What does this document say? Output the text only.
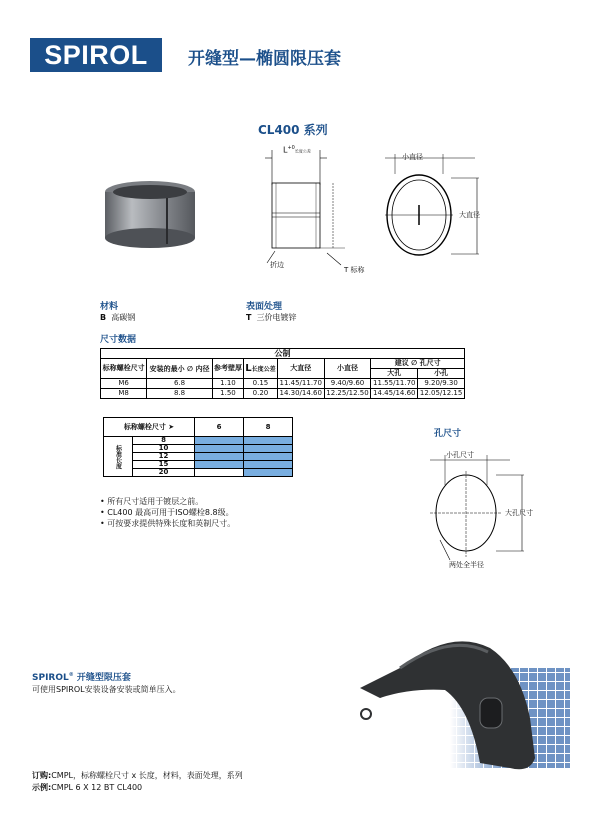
SPIROL	开缝型—椭圆限压套
CL400 系列
$L^{+0}$长度公差
折边
T 标称
小直径
大直径
材料
B 高碳钢
表面处理
T 三价电镀锌
尺寸数据
公制							
标称螺栓尺寸	安装的最小 ∅ 内径	参考壁厚	L长度公差	大直径	小直径	建议 ∅ 孔尺寸	
						大孔	小孔
M6	6.8	1.10	0.15	11.45/11.70	9.40/9.60	11.55/11.70	9.20/9.30
M8	8.8	1.50	0.20	14.30/14.60	12.25/12.50	14.45/14.60	12.05/12.15
标称螺栓尺寸 ➤		6	8
标准长度	8		
	10		
	12		
	15		
	20		
孔尺寸
小孔尺寸
大孔尺寸
两处全半径
• 所有尺寸适用于镀层之前。
• CL400 最高可用于ISO螺栓8.8级。
• 可按要求提供特殊长度和英制尺寸。
SPIROL® 开缝型限压套
可使用SPIROL安装设备安装或简单压入。
订购:CMPL，标称螺栓尺寸 x 长度，材料，表面处理，系列
示例:CMPL 6 X 12 BT CL400
